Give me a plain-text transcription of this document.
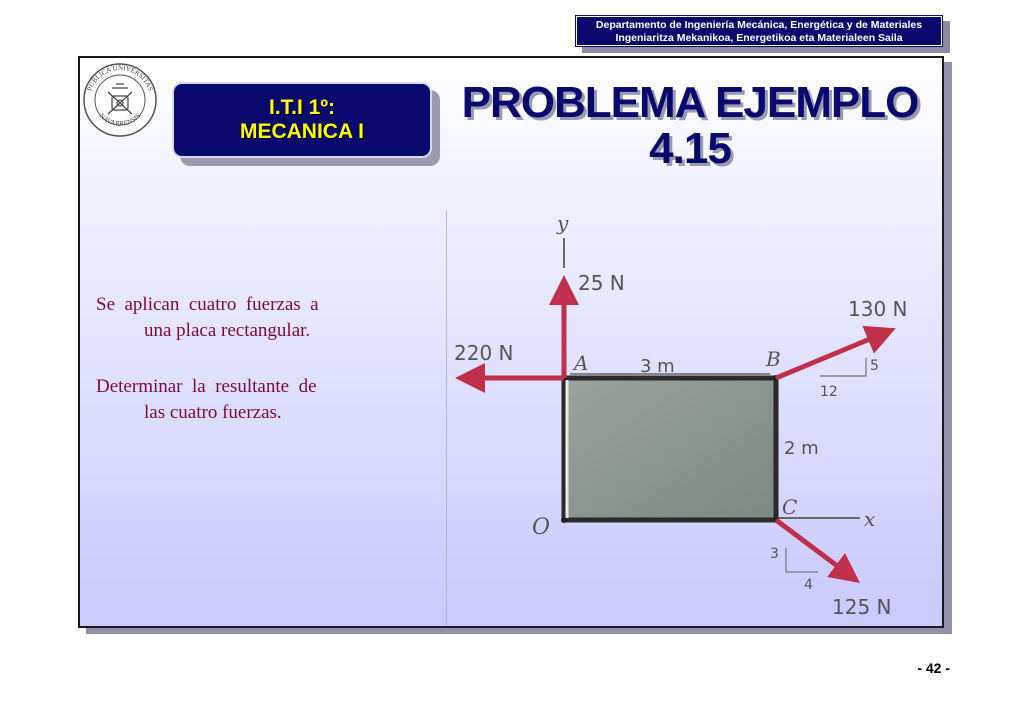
Departamento de Ingeniería Mecánica, Energética y de Materiales
Ingeniaritza Mekanikoa, Energetikoa eta Materialeen Saila
PUBLICA UNIVERSITAS
NAVARRENSIS	I.T.I 1º:
MECANICA I
PROBLEMA EJEMPLO
4.15

Se  aplican  cuatro  fuerzas  a
una placa rectangular.

Determinar  la  resultante  de
las cuatro fuerzas.

y
x
3 m
2 m
A	B
C
O
25 N
220 N
130 N
5
12
125 N
3
4
- 42 -
